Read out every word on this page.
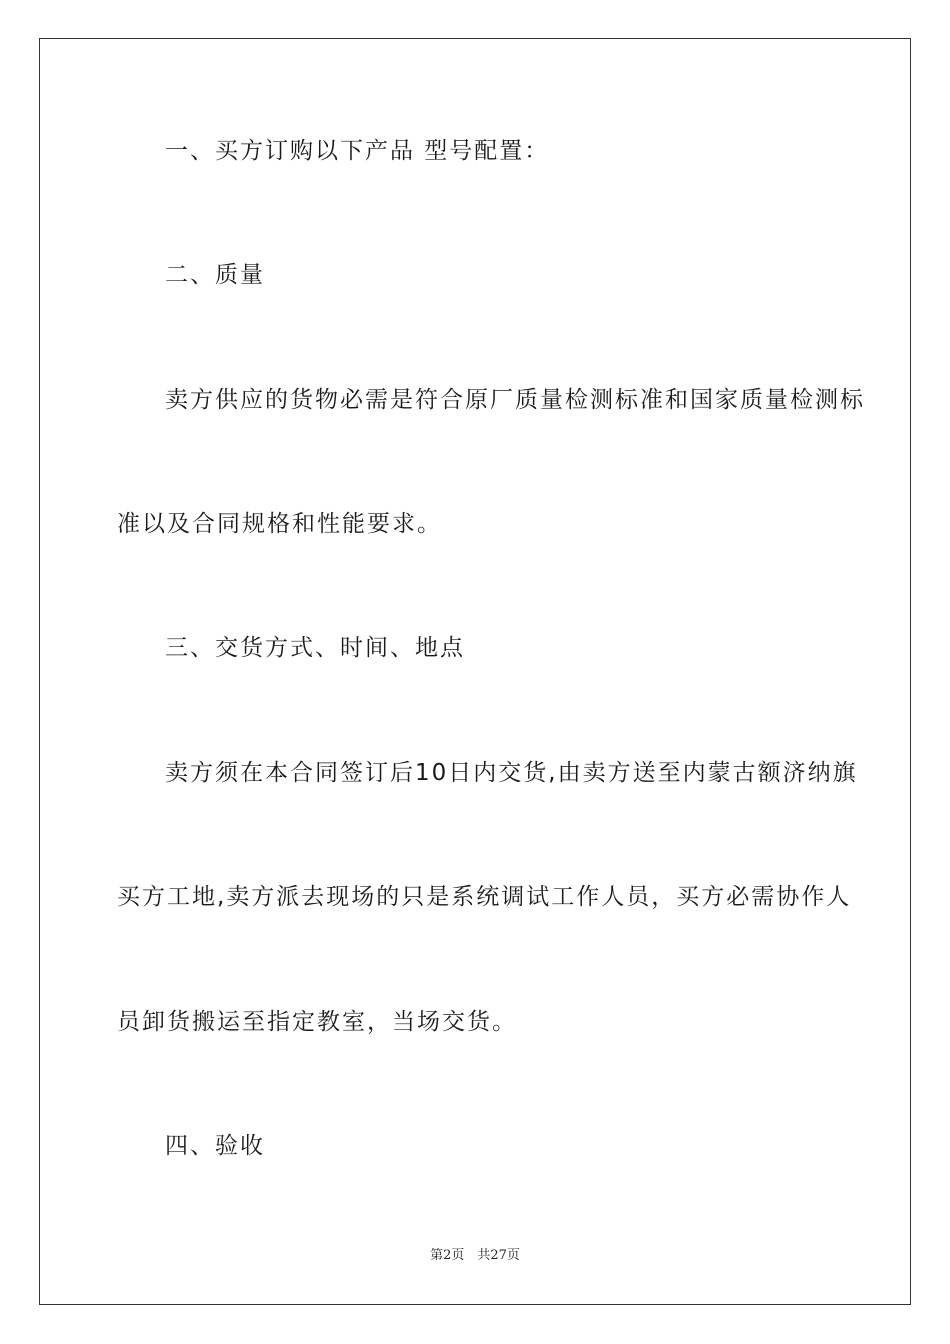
一、买方订购以下产品 型号配置：
二、质量
卖方供应的货物必需是符合原厂质量检测标准和国家质量检测标
准以及合同规格和性能要求。
三、交货方式、时间、地点
卖方须在本合同签订后10日内交货,由卖方送至内蒙古额济纳旗
买方工地,卖方派去现场的只是系统调试工作人员，买方必需协作人
员卸货搬运至指定教室，当场交货。
四、验收
第2页　共27页
